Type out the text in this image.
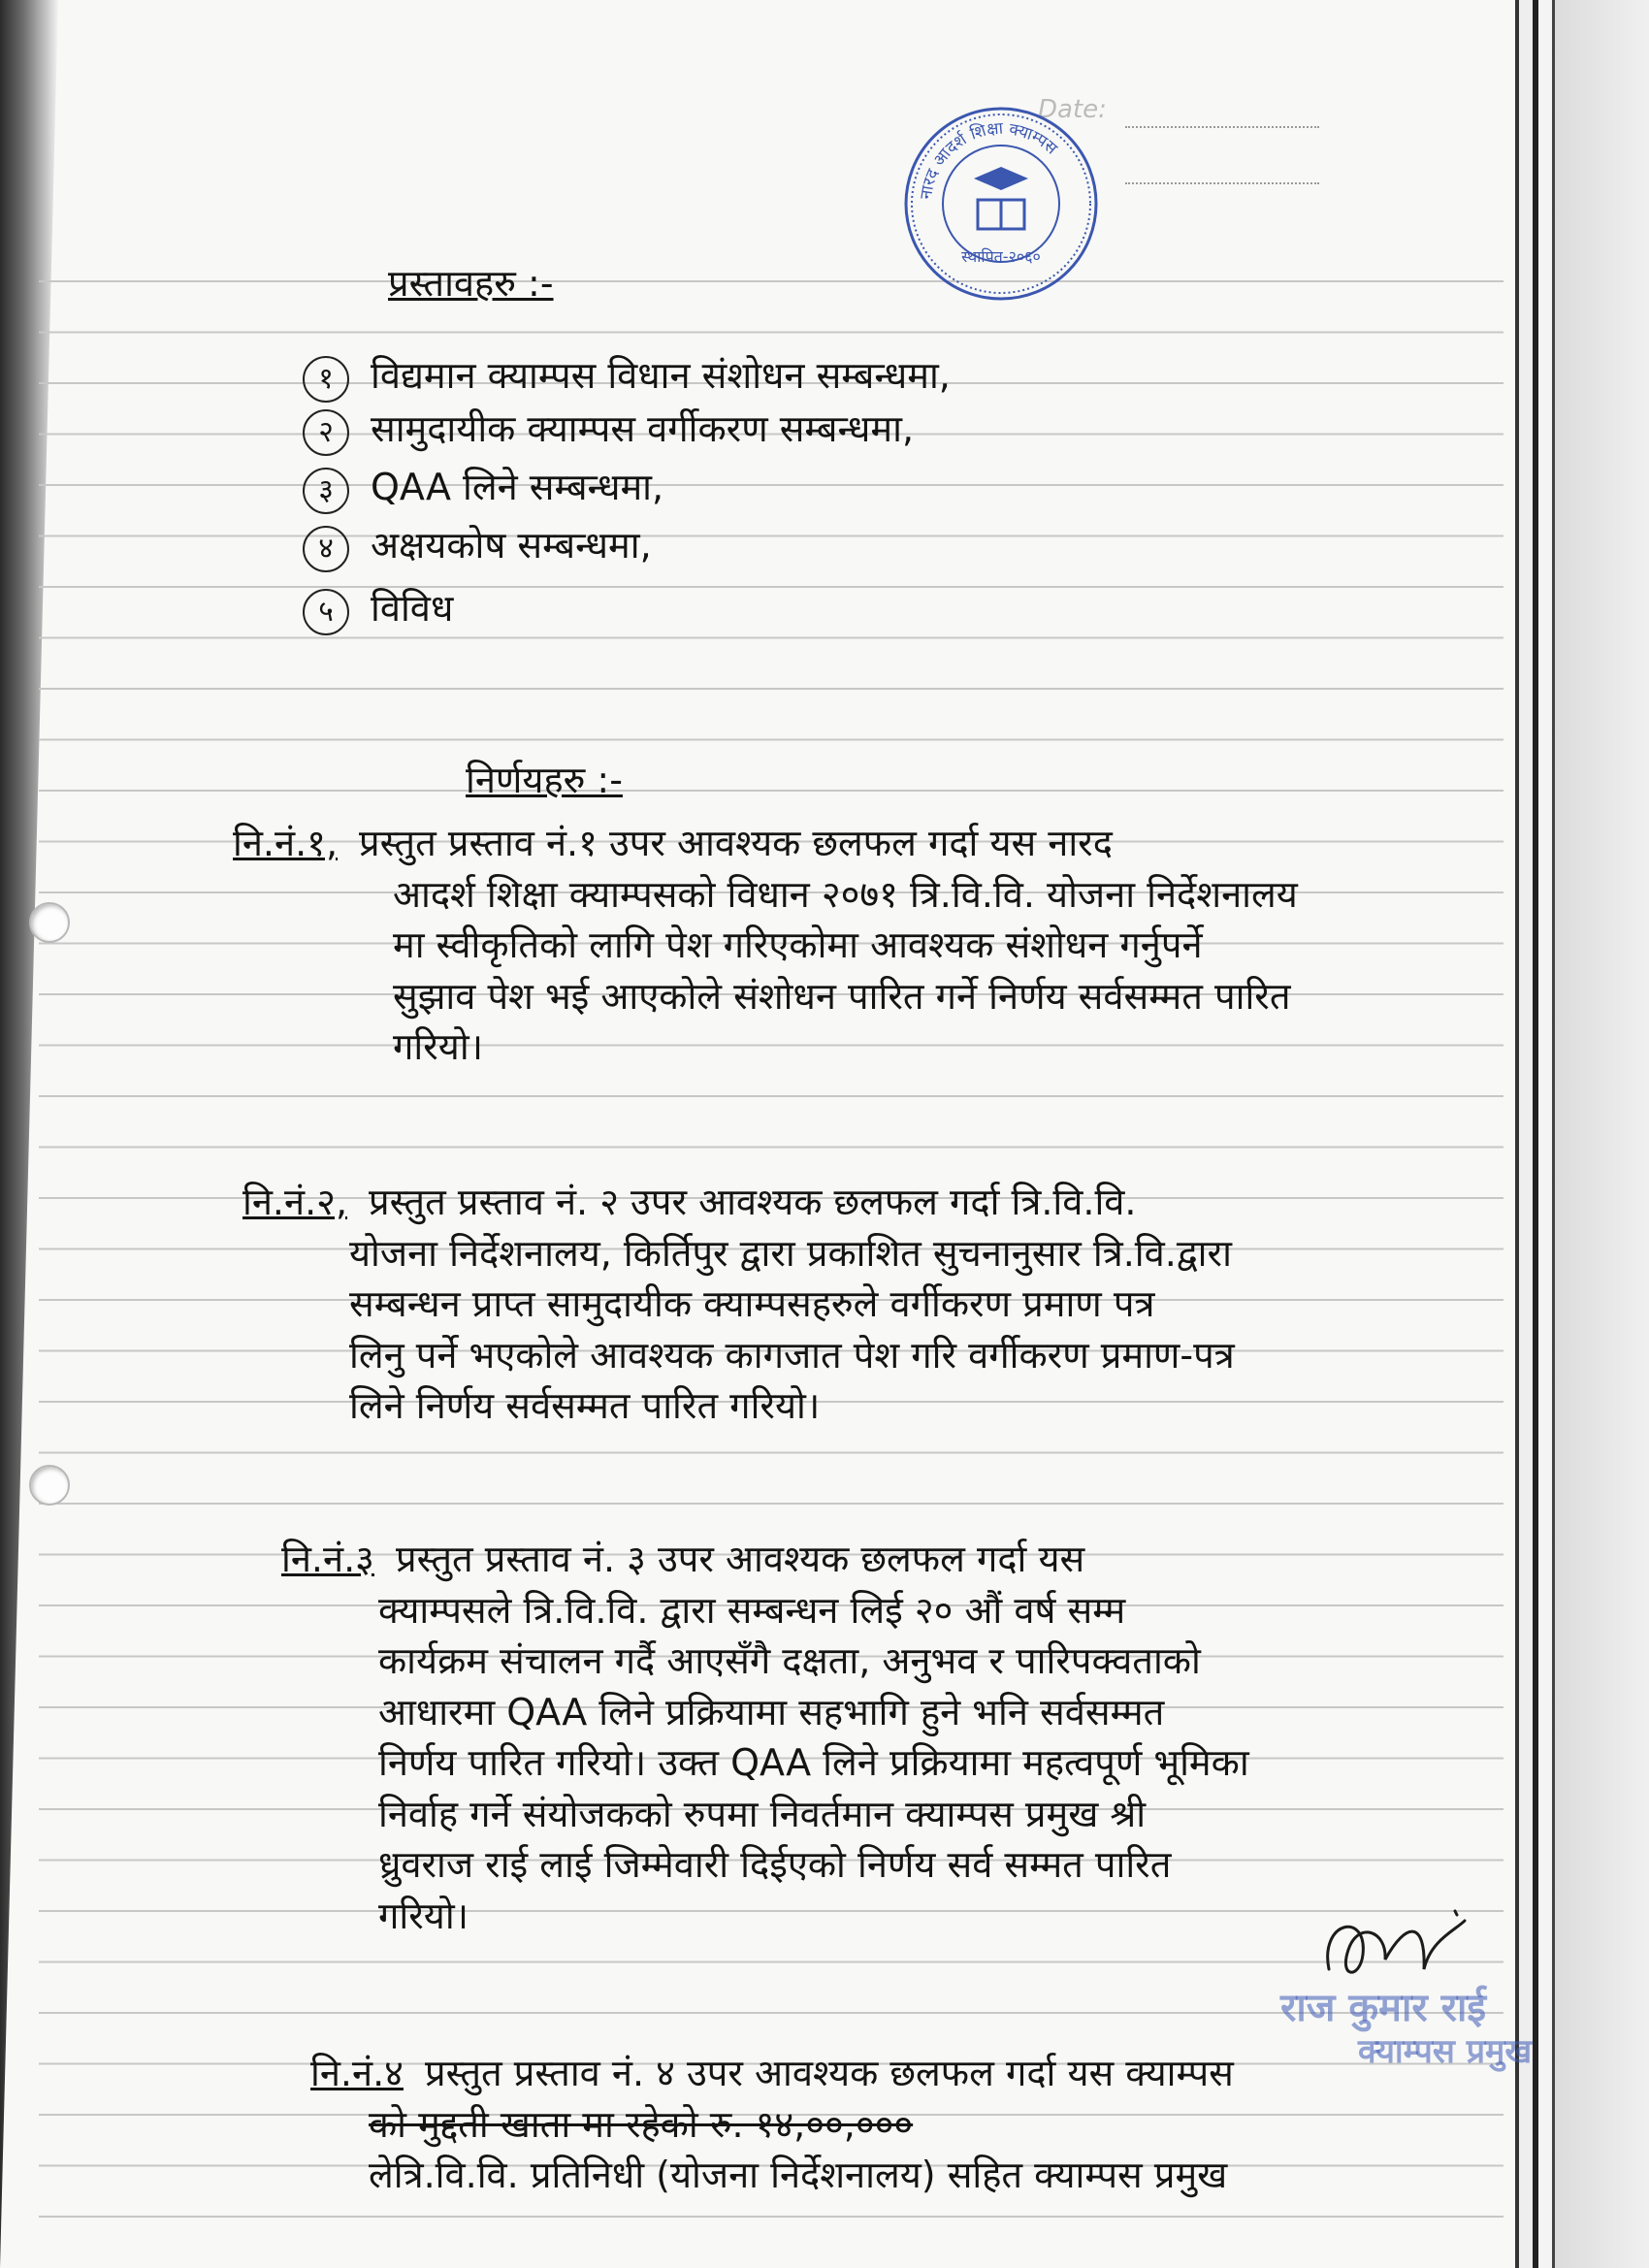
Date:
नारद आदर्श शिक्षा क्याम्पस
स्थापित-२०६०
प्रस्तावहरु :-
१ विद्यमान क्याम्पस विधान संशोधन सम्बन्धमा,
२ सामुदायीक क्याम्पस वर्गीकरण सम्बन्धमा,
३ QAA लिने सम्बन्धमा,
४ अक्षयकोष सम्बन्धमा,
५ विविध
निर्णयहरु :-
नि.नं.१, प्रस्तुत प्रस्ताव नं.१ उपर आवश्यक छलफल गर्दा यस नारद
आदर्श शिक्षा क्याम्पसको विधान २०७१ त्रि.वि.वि. योजना निर्देशनालय
मा स्वीकृतिको लागि पेश गरिएकोमा आवश्यक संशोधन गर्नुपर्ने
सुझाव पेश भई आएकोले संशोधन पारित गर्ने निर्णय सर्वसम्मत पारित
गरियो।
नि.नं.२, प्रस्तुत प्रस्ताव नं. २ उपर आवश्यक छलफल गर्दा त्रि.वि.वि.
योजना निर्देशनालय, किर्तिपुर द्वारा प्रकाशित सुचनानुसार त्रि.वि.द्वारा
सम्बन्धन प्राप्त सामुदायीक क्याम्पसहरुले वर्गीकरण प्रमाण पत्र
लिनु पर्ने भएकोले आवश्यक कागजात पेश गरि वर्गीकरण प्रमाण-पत्र
लिने निर्णय सर्वसम्मत पारित गरियो।
नि.नं.३ प्रस्तुत प्रस्ताव नं. ३ उपर आवश्यक छलफल गर्दा यस
क्याम्पसले त्रि.वि.वि. द्वारा सम्बन्धन लिई २० औं वर्ष सम्म
कार्यक्रम संचालन गर्दै आएसँगै दक्षता, अनुभव र पारिपक्वताको
आधारमा QAA लिने प्रक्रियामा सहभागि हुने भनि सर्वसम्मत
निर्णय पारित गरियो। उक्त QAA लिने प्रक्रियामा महत्वपूर्ण भूमिका
निर्वाह गर्ने संयोजकको रुपमा निवर्तमान क्याम्पस प्रमुख श्री
ध्रुवराज राई लाई जिम्मेवारी दिईएको निर्णय सर्व सम्मत पारित
गरियो।
नि.नं.४ प्रस्तुत प्रस्ताव नं. ४ उपर आवश्यक छलफल गर्दा यस क्याम्पस
को मुद्दती खाता मा रहेको रु. १४,००,०००
लेत्रि.वि.वि. प्रतिनिधी (योजना निर्देशनालय) सहित क्याम्पस प्रमुख
राज कुमार राई
क्याम्पस प्रमुख
